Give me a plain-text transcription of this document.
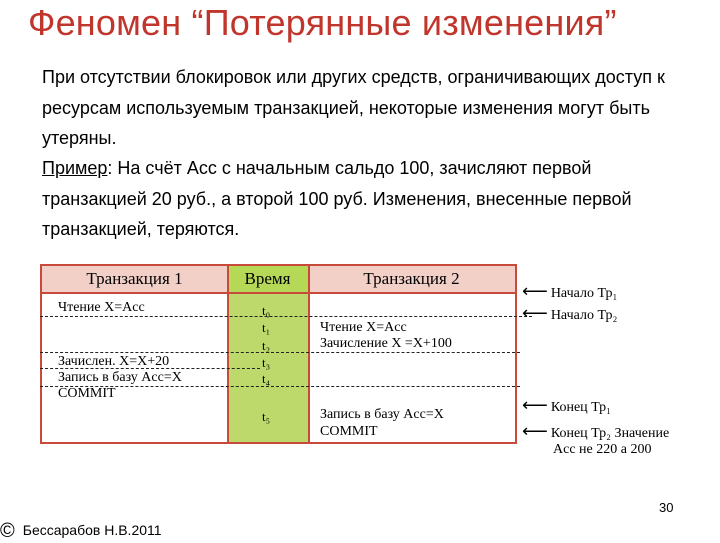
Феномен “Потерянные изменения”
При отсутствии блокировок или других средств, ограничивающих доступ к ресурсам используемым транзакцией, некоторые изменения могут быть утеряны.
Пример: На счёт Acc с начальным сальдо 100, зачисляют первой транзакцией 20 руб., а второй 100 руб. Изменения, внесенные первой транзакцией, теряются.
Трaнзакция 1	Время	Трaнзакция 2
Чтение X=Acc
Зачислен. X=X+20
Запись в базу Acc=X
COMMIT
t₀
t₁
t₂
t₃
t₄
t₅
Чтение X=Acc
Зачисление X =X+100
Запись в базу Acc=X
COMMIT
⟵ Начало Тр₁
⟵ Начало Тр₂
⟵ Конец Тр₁
⟵ Конец Тр₂ Значение
Acc не 220 а 200
30
© Бессарабов Н.В.2011
